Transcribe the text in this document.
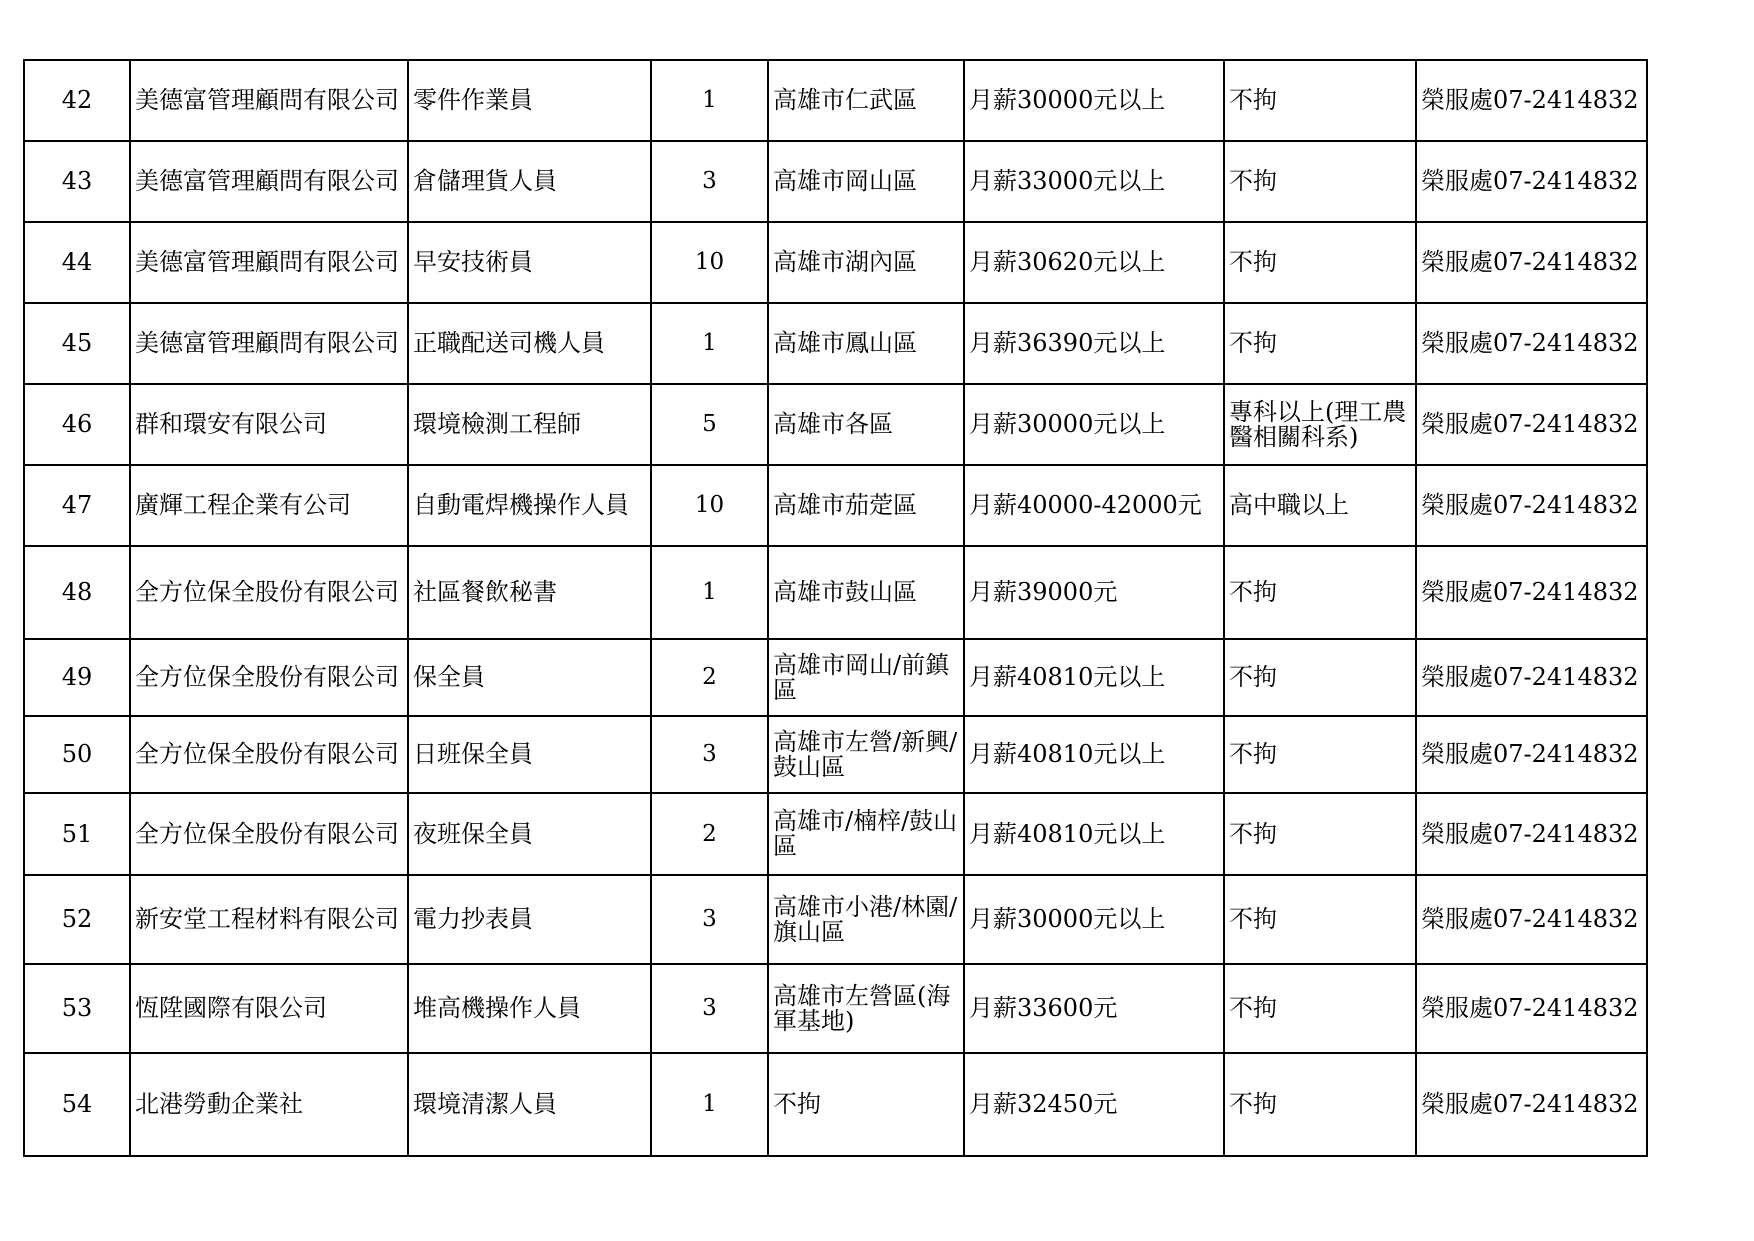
42	美德富管理顧問有限公司	零件作業員	1	高雄市仁武區	月薪30000元以上	不拘	榮服處07-2414832
43	美德富管理顧問有限公司	倉儲理貨人員	3	高雄市岡山區	月薪33000元以上	不拘	榮服處07-2414832
44	美德富管理顧問有限公司	早安技術員	10	高雄市湖內區	月薪30620元以上	不拘	榮服處07-2414832
45	美德富管理顧問有限公司	正職配送司機人員	1	高雄市鳳山區	月薪36390元以上	不拘	榮服處07-2414832
46	群和環安有限公司	環境檢測工程師	5	高雄市各區	月薪30000元以上	專科以上(理工農醫相關科系)	榮服處07-2414832
47	廣輝工程企業有公司	自動電焊機操作人員	10	高雄市茄萣區	月薪40000-42000元	高中職以上	榮服處07-2414832
48	全方位保全股份有限公司	社區餐飲秘書	1	高雄市鼓山區	月薪39000元	不拘	榮服處07-2414832
49	全方位保全股份有限公司	保全員	2	高雄市岡山/前鎮區	月薪40810元以上	不拘	榮服處07-2414832
50	全方位保全股份有限公司	日班保全員	3	高雄市左營/新興/鼓山區	月薪40810元以上	不拘	榮服處07-2414832
51	全方位保全股份有限公司	夜班保全員	2	高雄市/楠梓/鼓山區	月薪40810元以上	不拘	榮服處07-2414832
52	新安堂工程材料有限公司	電力抄表員	3	高雄市小港/林園/旗山區	月薪30000元以上	不拘	榮服處07-2414832
53	恆陞國際有限公司	堆高機操作人員	3	高雄市左營區(海軍基地)	月薪33600元	不拘	榮服處07-2414832
54	北港勞動企業社	環境清潔人員	1	不拘	月薪32450元	不拘	榮服處07-2414832
